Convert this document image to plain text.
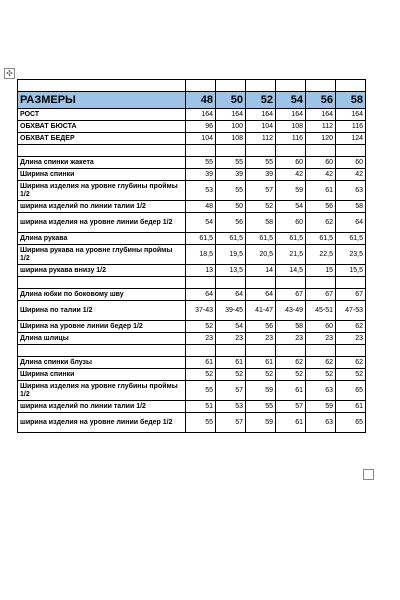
✣

РАЗМЕРЫ	48	50	52	54	56	58
РОСТ	164	164	164	164	164	164
ОБХВАТ БЮСТА	96	100	104	108	112	116
ОБХВАТ БЕДЕР	104	108	112	116	120	124

Длина спинки жакета	55	55	55	60	60	60
Ширина спинки	39	39	39	42	42	42
Ширина изделия на уровне глубины проймы 1/2	53	55	57	59	61	63
ширина изделий по линии талии 1/2	48	50	52	54	56	58
ширина изделия на уровне линии бедер 1/2	54	56	58	60	62	64
Длина рукава	61,5	61,5	61,5	61,5	61,5	61,5
Ширина рукава на уровне глубины проймы 1/2	18,5	19,5	20,5	21,5	22,5	23,5
ширина рукава внизу 1/2	13	13,5	14	14,5	15	15,5

Длина юбки по боковому шву	64	64	64	67	67	67
Ширина по талии 1/2	37-43	39-45	41-47	43-49	45-51	47-53
Ширина на уровне линии бедер 1/2	52	54	56	58	60	62
Длина шлицы	23	23	23	23	23	23

Длина спинки блузы	61	61	61	62	62	62
Ширина спинки	52	52	52	52	52	52
Ширина изделия на уровне глубины проймы 1/2	55	57	59	61	63	65
ширина изделий по линии талии 1/2	51	53	55	57	59	61
ширина изделия на уровне линии бедер 1/2	55	57	59	61	63	65
